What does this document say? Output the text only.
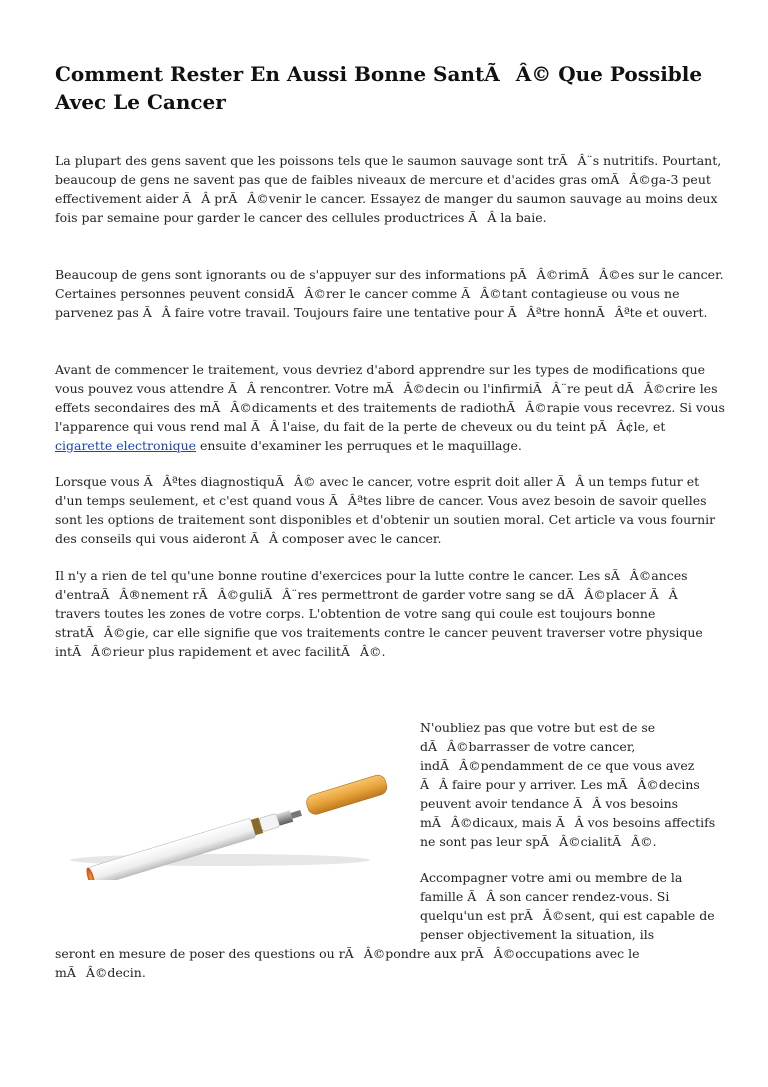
Comment Rester En Aussi Bonne SantÃÂ© Que Possible Avec Le Cancer

La plupart des gens savent que les poissons tels que le saumon sauvage sont trÃÂ¨s nutritifs. Pourtant, beaucoup de gens ne savent pas que de faibles niveaux de mercure et d'acides gras omÃÂ©ga-3 peut effectivement aider ÃÂ prÃÂ©venir le cancer. Essayez de manger du saumon sauvage au moins deux fois par semaine pour garder le cancer des cellules productrices ÃÂ la baie.

Beaucoup de gens sont ignorants ou de s'appuyer sur des informations pÃÂ©rimÃÂ©es sur le cancer. Certaines personnes peuvent considÃÂ©rer le cancer comme ÃÂ©tant contagieuse ou vous ne parvenez pas ÃÂ faire votre travail. Toujours faire une tentative pour ÃÂªtre honnÃÂªte et ouvert.

Avant de commencer le traitement, vous devriez d'abord apprendre sur les types de modifications que vous pouvez vous attendre ÃÂ rencontrer. Votre mÃÂ©decin ou l'infirmiÃÂ¨re peut dÃÂ©crire les effets secondaires des mÃÂ©dicaments et des traitements de radiothÃÂ©rapie vous recevrez. Si vous l'apparence qui vous rend mal ÃÂ l'aise, du fait de la perte de cheveux ou du teint pÃÂ¢le, et cigarette electronique ensuite d'examiner les perruques et le maquillage.

Lorsque vous ÃÂªtes diagnostiquÃÂ© avec le cancer, votre esprit doit aller ÃÂ un temps futur et d'un temps seulement, et c'est quand vous ÃÂªtes libre de cancer. Vous avez besoin de savoir quelles sont les options de traitement sont disponibles et d'obtenir un soutien moral. Cet article va vous fournir des conseils qui vous aideront ÃÂ composer avec le cancer.

Il n'y a rien de tel qu'une bonne routine d'exercices pour la lutte contre le cancer. Les sÃÂ©ances d'entraÃÂ®nement rÃÂ©guliÃÂ¨res permettront de garder votre sang se dÃÂ©placer ÃÂ travers toutes les zones de votre corps. L'obtention de votre sang qui coule est toujours bonne stratÃÂ©gie, car elle signifie que vos traitements contre le cancer peuvent traverser votre physique intÃÂ©rieur plus rapidement et avec facilitÃÂ©.

N'oubliez pas que votre but est de se dÃÂ©barrasser de votre cancer, indÃÂ©pendamment de ce que vous avez ÃÂ faire pour y arriver. Les mÃÂ©decins peuvent avoir tendance ÃÂ vos besoins mÃÂ©dicaux, mais ÃÂ vos besoins affectifs ne sont pas leur spÃÂ©cialitÃÂ©.

Accompagner votre ami ou membre de la famille ÃÂ son cancer rendez-vous. Si quelqu'un est prÃÂ©sent, qui est capable de penser objectivement la situation, ils

seront en mesure de poser des questions ou rÃÂ©pondre aux prÃÂ©occupations avec le mÃÂ©decin.
